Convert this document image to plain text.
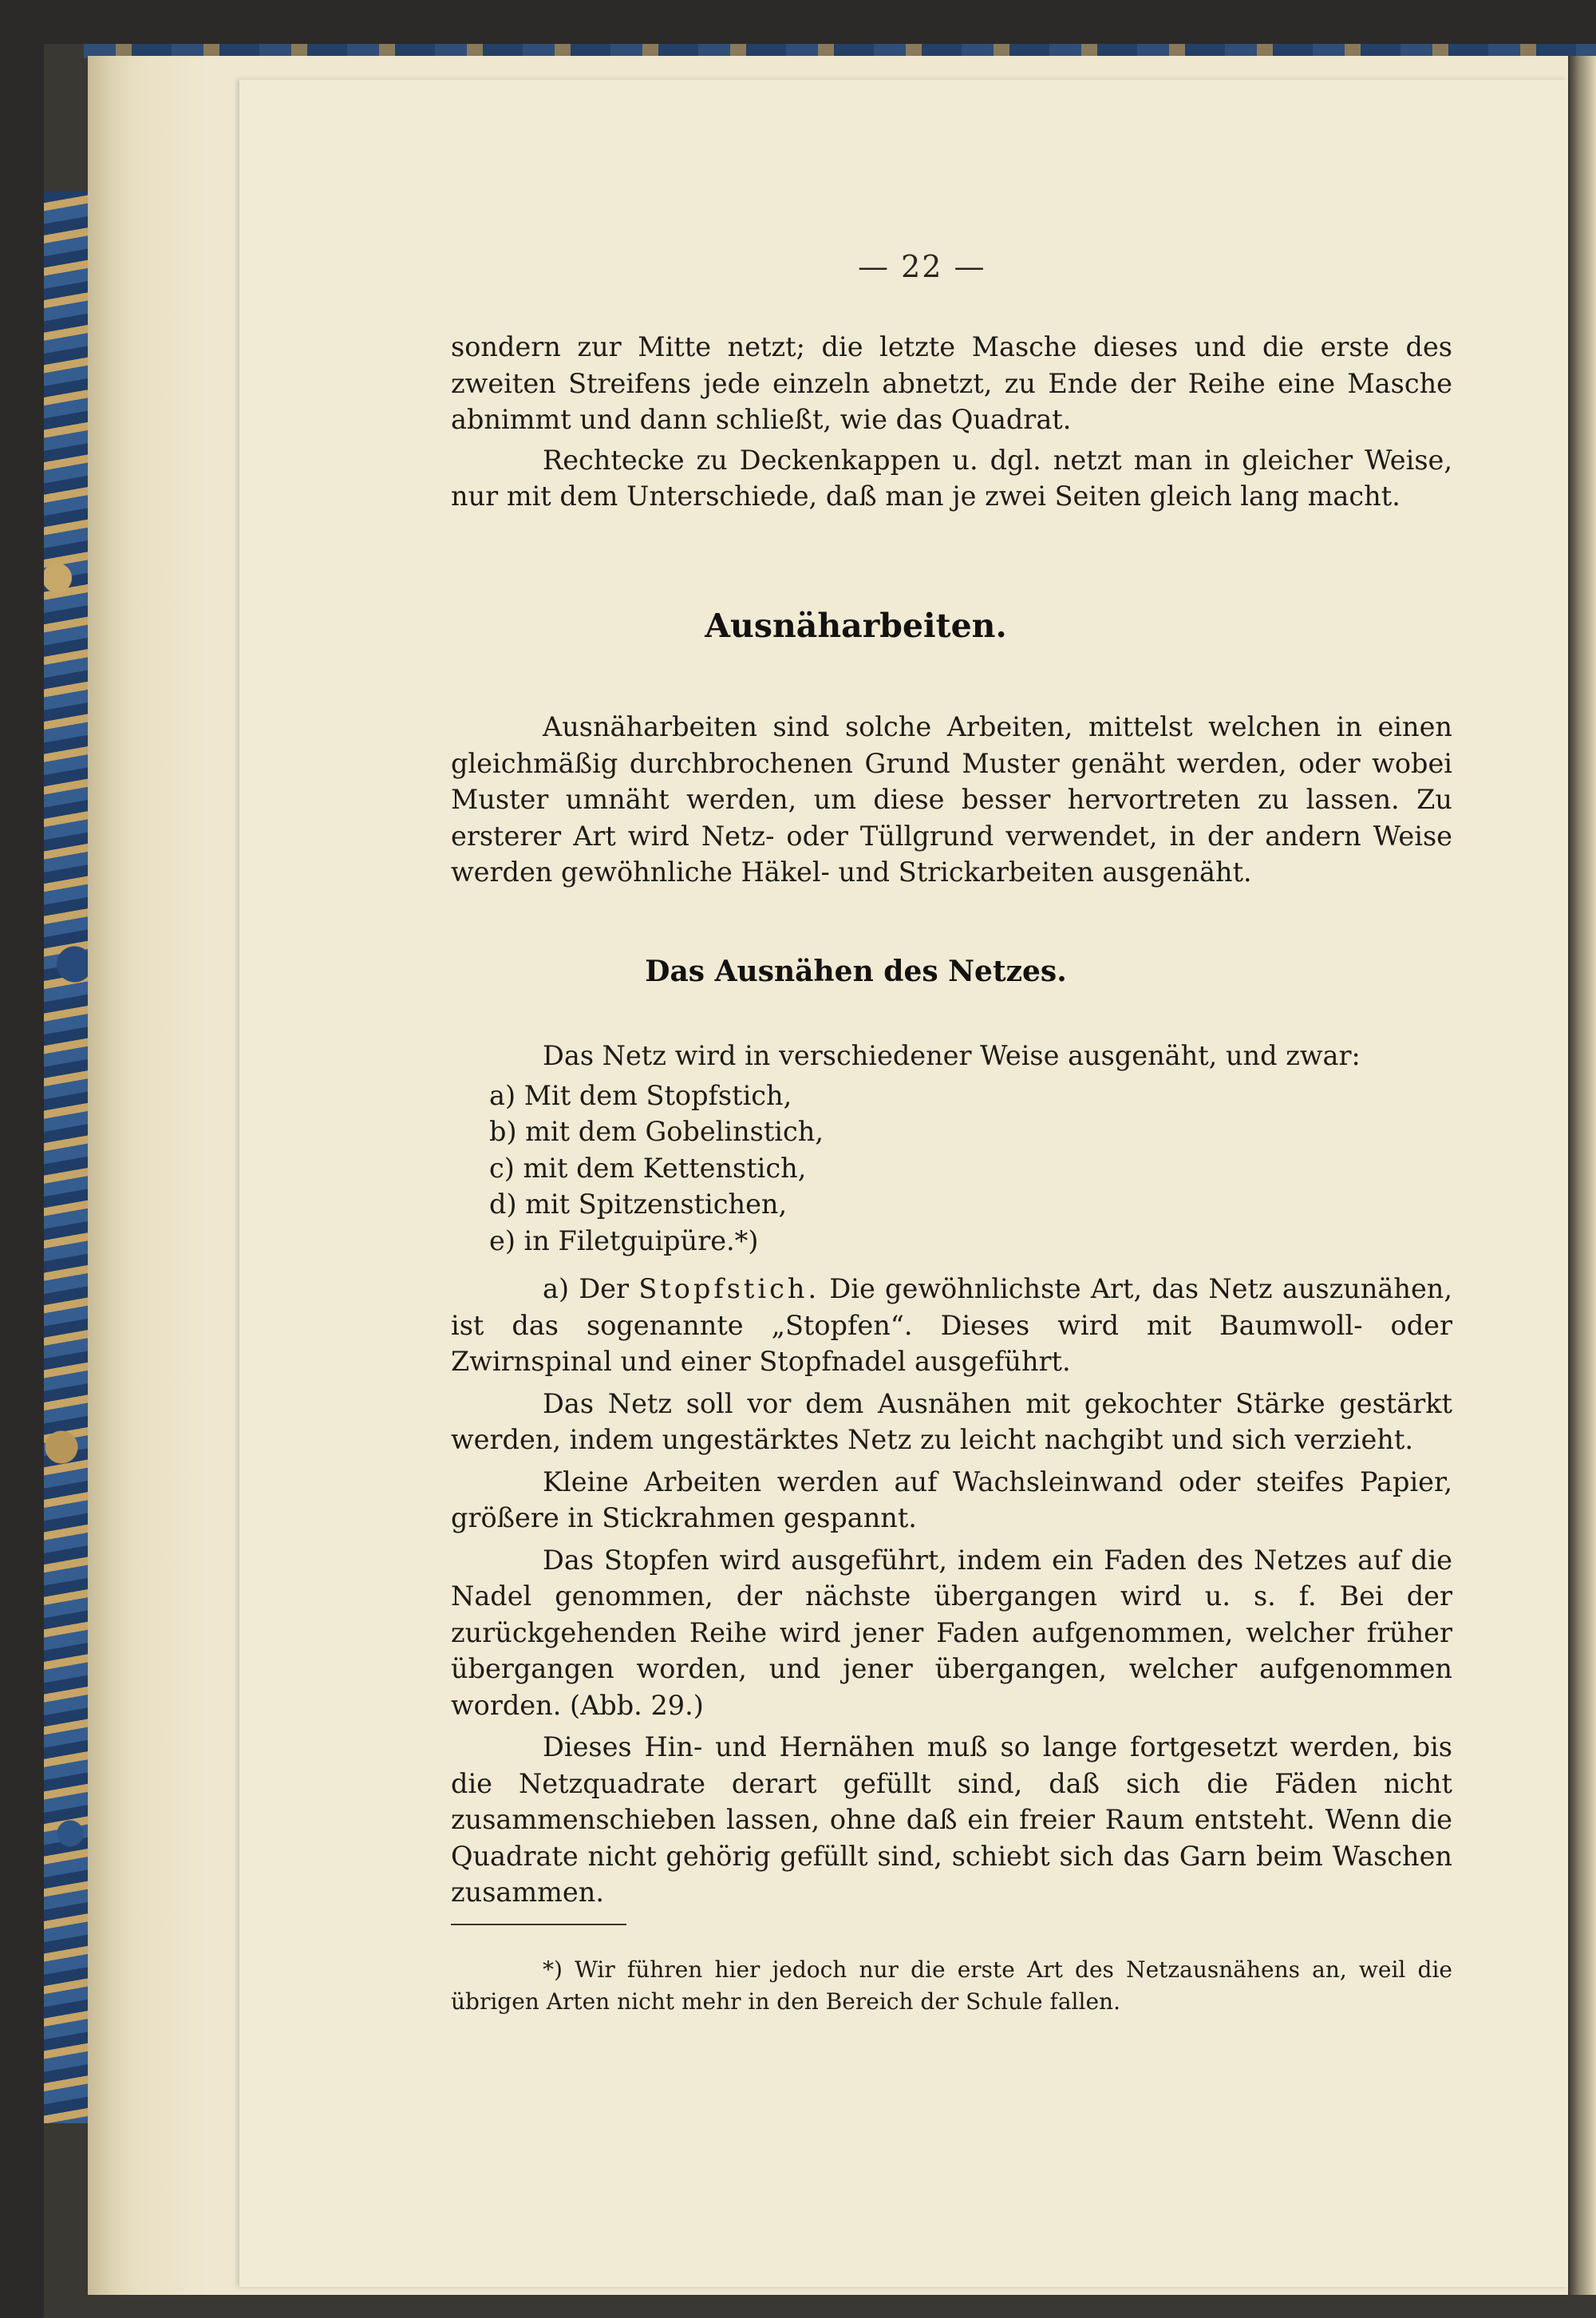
— 22 —

sondern zur Mitte netzt; die letzte Masche dieses und die erste des zweiten Streifens jede einzeln abnetzt, zu Ende der Reihe eine Masche abnimmt und dann schließt, wie das Quadrat.

Rechtecke zu Deckenkappen u. dgl. netzt man in gleicher Weise, nur mit dem Unterschiede, daß man je zwei Seiten gleich lang macht.

Ausnäharbeiten.

Ausnäharbeiten sind solche Arbeiten, mittelst welchen in einen gleichmäßig durchbrochenen Grund Muster genäht werden, oder wobei Muster umnäht werden, um diese besser hervortreten zu lassen. Zu ersterer Art wird Netz- oder Tüllgrund verwendet, in der andern Weise werden gewöhnliche Häkel- und Strickarbeiten ausgenäht.

Das Ausnähen des Netzes.

Das Netz wird in verschiedener Weise ausgenäht, und zwar:

a) Mit dem Stopfstich,
b) mit dem Gobelinstich,
c) mit dem Kettenstich,
d) mit Spitzenstichen,
e) in Filetguipüre.*)

a) Der Stopfstich. Die gewöhnlichste Art, das Netz auszunähen, ist das sogenannte „Stopfen“. Dieses wird mit Baumwoll- oder Zwirnspinal und einer Stopfnadel ausgeführt.

Das Netz soll vor dem Ausnähen mit gekochter Stärke gestärkt werden, indem ungestärktes Netz zu leicht nachgibt und sich verzieht.

Kleine Arbeiten werden auf Wachsleinwand oder steifes Papier, größere in Stickrahmen gespannt.

Das Stopfen wird ausgeführt, indem ein Faden des Netzes auf die Nadel genommen, der nächste übergangen wird u. s. f. Bei der zurückgehenden Reihe wird jener Faden aufgenommen, welcher früher übergangen worden, und jener übergangen, welcher aufgenommen worden. (Abb. 29.)

Dieses Hin- und Hernähen muß so lange fortgesetzt werden, bis die Netzquadrate derart gefüllt sind, daß sich die Fäden nicht zusammenschieben lassen, ohne daß ein freier Raum entsteht. Wenn die Quadrate nicht gehörig gefüllt sind, schiebt sich das Garn beim Waschen zusammen.

*) Wir führen hier jedoch nur die erste Art des Netzausnähens an, weil die übrigen Arten nicht mehr in den Bereich der Schule fallen.
